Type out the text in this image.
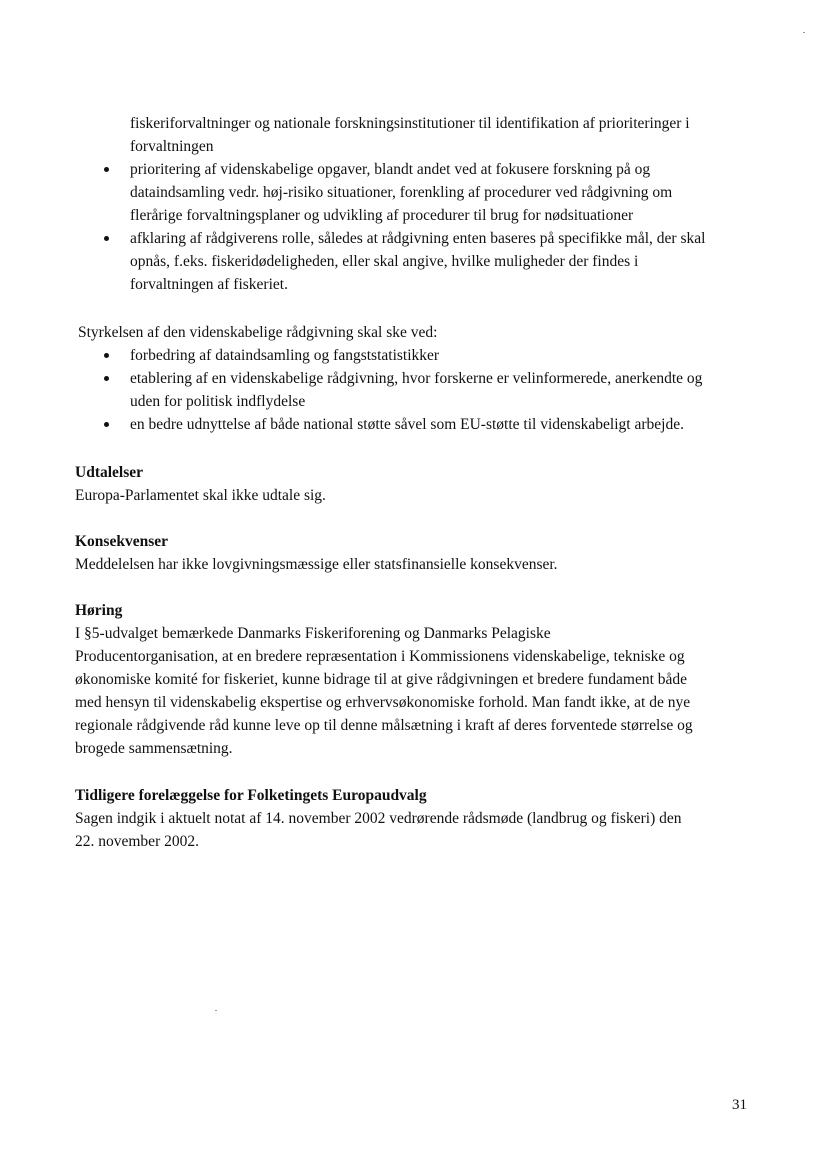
fiskeriforvaltninger og nationale forskningsinstitutioner til identifikation af prioriteringer i
forvaltningen
prioritering af videnskabelige opgaver, blandt andet ved at fokusere forskning på og
dataindsamling vedr. høj-risiko situationer, forenkling af procedurer ved rådgivning om
flerårige forvaltningsplaner og udvikling af procedurer til brug for nødsituationer
afklaring af rådgiverens rolle, således at rådgivning enten baseres på specifikke mål, der skal
opnås, f.eks. fiskeridødeligheden, eller skal angive, hvilke muligheder der findes i
forvaltningen af fiskeriet.
Styrkelsen af den videnskabelige rådgivning skal ske ved:
forbedring af dataindsamling og fangststatistikker
etablering af en videnskabelige rådgivning, hvor forskerne er velinformerede, anerkendte og
uden for politisk indflydelse
en bedre udnyttelse af både national støtte såvel som EU-støtte til videnskabeligt arbejde.
Udtalelser
Europa-Parlamentet skal ikke udtale sig.
Konsekvenser
Meddelelsen har ikke lovgivningsmæssige eller statsfinansielle konsekvenser.
Høring
I §5-udvalget bemærkede Danmarks Fiskeriforening og Danmarks Pelagiske
Producentorganisation, at en bredere repræsentation i Kommissionens videnskabelige, tekniske og
økonomiske komité for fiskeriet, kunne bidrage til at give rådgivningen et bredere fundament både
med hensyn til videnskabelig ekspertise og erhvervsøkonomiske forhold. Man fandt ikke, at de nye
regionale rådgivende råd kunne leve op til denne målsætning i kraft af deres forventede størrelse og
brogede sammensætning.
Tidligere forelæggelse for Folketingets Europaudvalg
Sagen indgik i aktuelt notat af 14. november 2002 vedrørende rådsmøde (landbrug og fiskeri) den
22. november 2002.
31
